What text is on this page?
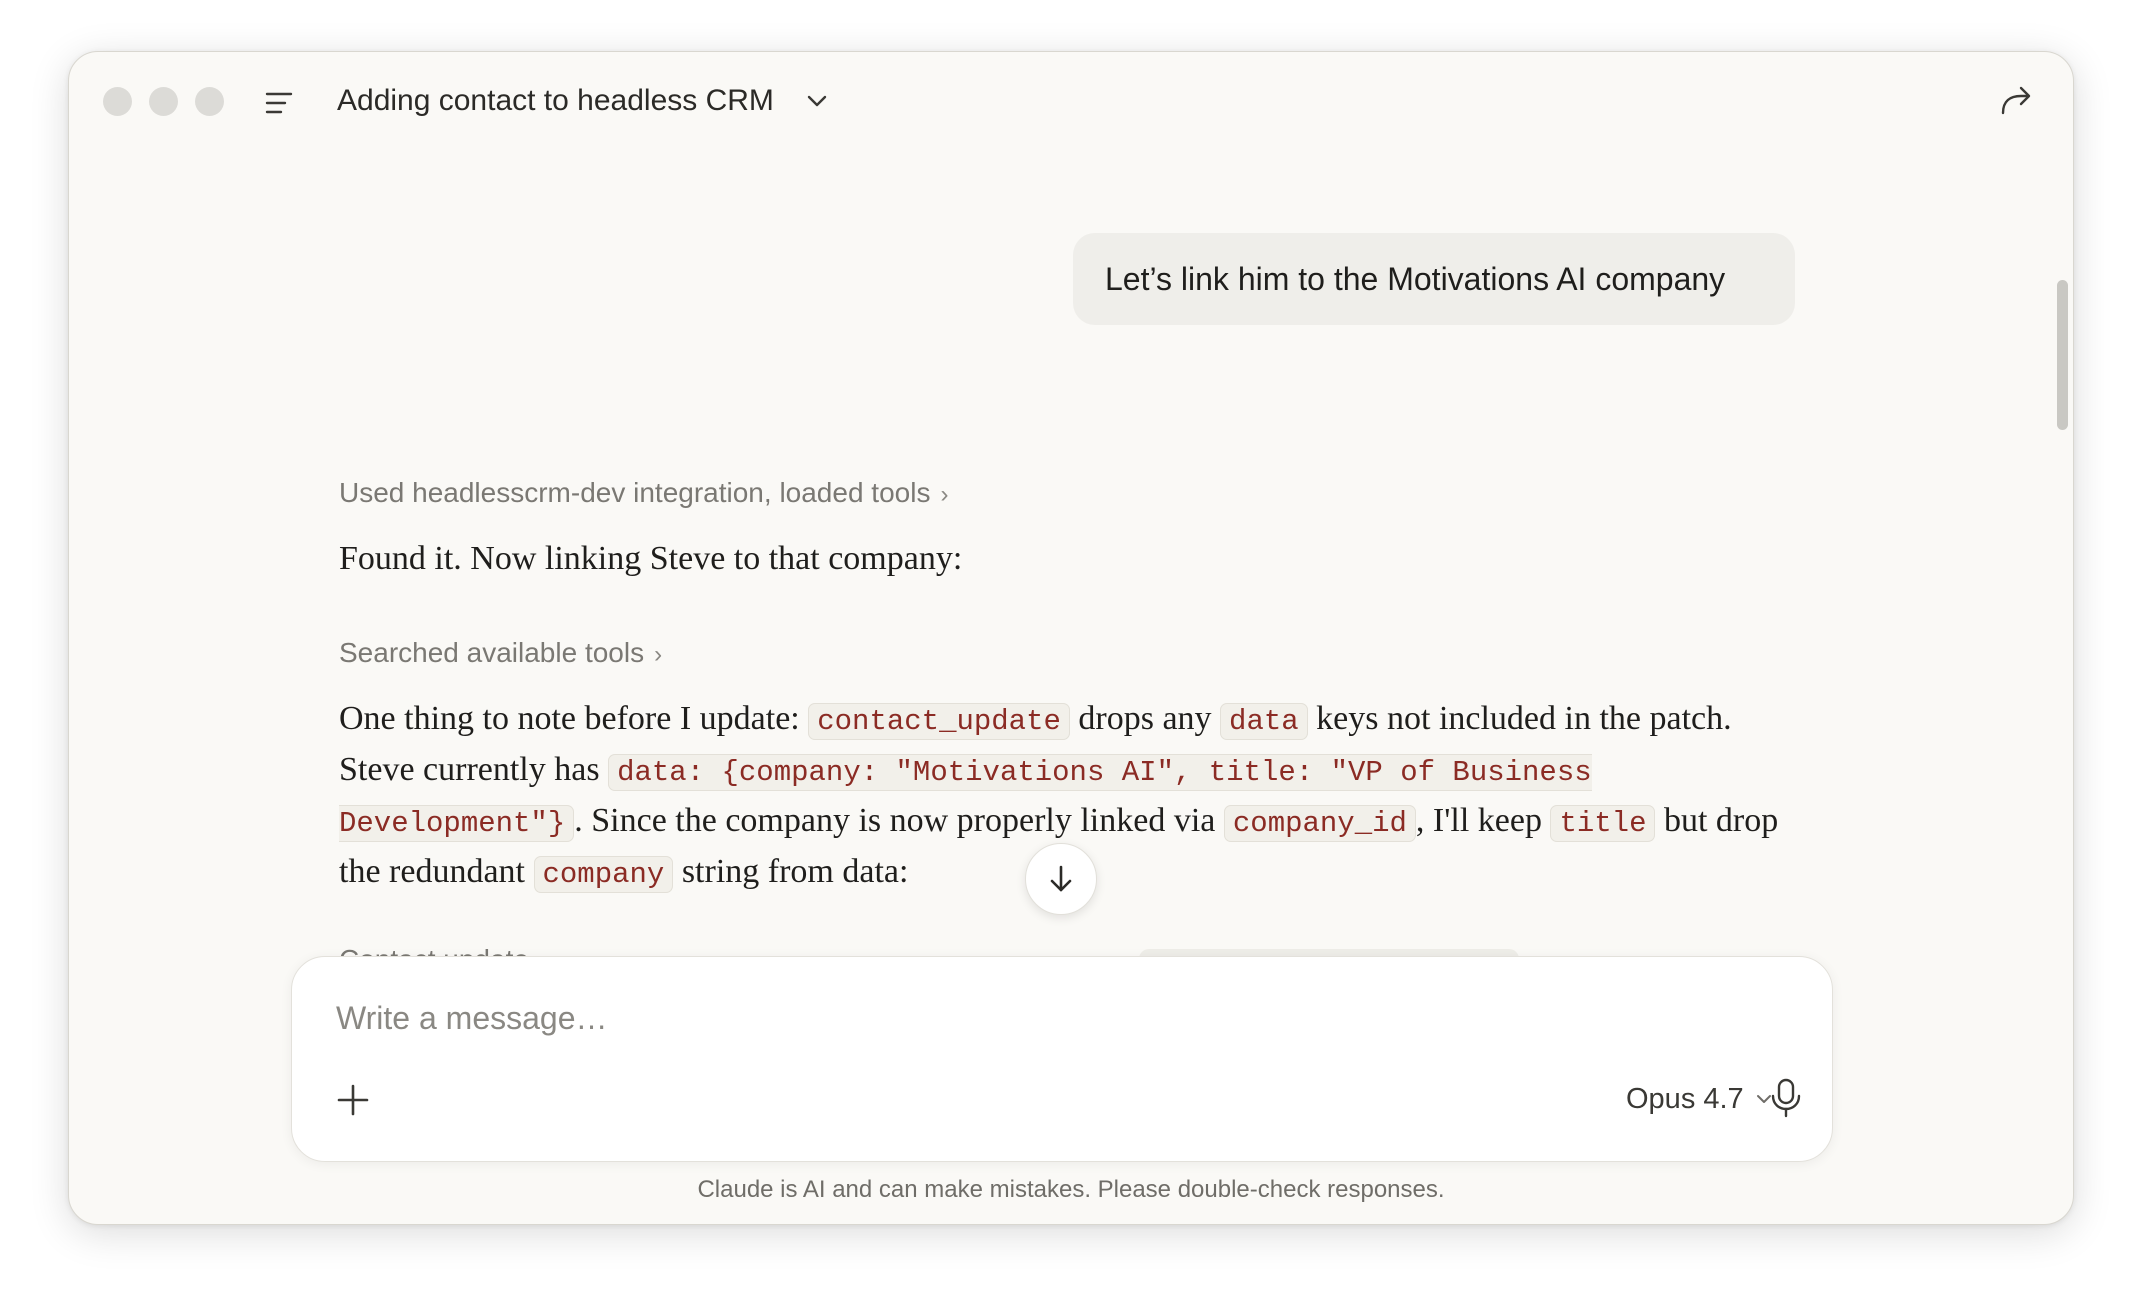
Adding contact to headless CRM
Let’s link him to the Motivations AI company
Used headlesscrm-dev integration, loaded tools ›
Found it. Now linking Steve to that company:
Searched available tools ›
One thing to note before I update: contact_update drops any data keys not included in the patch. Steve currently has data: {company: "Motivations AI", title: "VP of Business Development"} . Since the company is now properly linked via company_id , I'll keep title but drop the redundant company string from data:
Write a message…
Opus 4.7
Claude is AI and can make mistakes. Please double-check responses.
